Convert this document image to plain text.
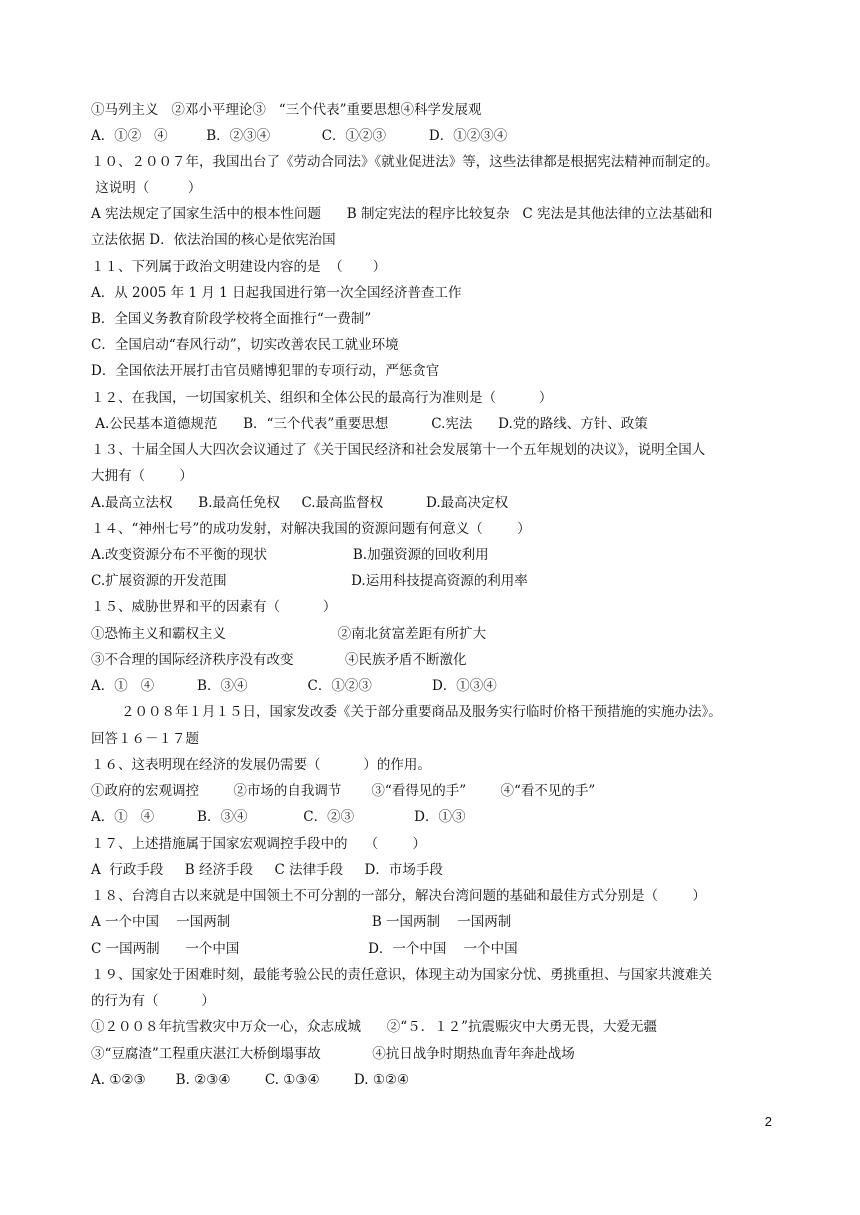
①马列主义   ②邓小平理论③   “三个代表”重要思想④科学发展观
A．①②   ④         B．②③④            C．①②③          D．①②③④
１０、２００７年，我国出台了《劳动合同法》《就业促进法》等，这些法律都是根据宪法精神而制定的。
这说明（         ）
A 宪法规定了国家生活中的根本性问题      B 制定宪法的程序比较复杂   C 宪法是其他法律的立法基础和
立法依据 D．依法治国的核心是依宪治国
１１、下列属于政治文明建设内容的是  （       ）
A．从 2005 年 1 月 1 日起我国进行第一次全国经济普查工作
B．全国义务教育阶段学校将全面推行“一费制”
C．全国启动“春风行动”，切实改善农民工就业环境
D．全国依法开展打击官员赌博犯罪的专项行动，严惩贪官
１２、在我国，一切国家机关、组织和全体公民的最高行为准则是（          ）
A.公民基本道德规范      B．“三个代表”重要思想          C.宪法      D.党的路线、方针、政策
１３、十届全国人大四次会议通过了《关于国民经济和社会发展第十一个五年规划的决议》，说明全国人
大拥有（        ）
A.最高立法权      B.最高任免权     C.最高监督权          D.最高决定权
１４、“神州七号”的成功发射，对解决我国的资源问题有何意义（        ）
A.改变资源分布不平衡的现状                    B.加强资源的回收利用
C.扩展资源的开发范围                             D.运用科技提高资源的利用率
１５、威胁世界和平的因素有（          ）
①恐怖主义和霸权主义                          ②南北贫富差距有所扩大
③不合理的国际经济秩序没有改变            ④民族矛盾不断激化
A．①   ④          B．③④              C．①②③              D．①③④
２００８年１月１５日，国家发改委《关于部分重要商品及服务实行临时价格干预措施的实施办法》。
回答１６－１７题
１６、这表明现在经济的发展仍需要（          ）的作用。
①政府的宏观调控        ②市场的自我调节       ③“看得见的手”        ④“看不见的手”
A．①   ④          B．③④             C．②③              D．①③
１７、上述措施属于国家宏观调控手段中的    （        ）
A  行政手段     B 经济手段     C 法律手段     D．市场手段
１８、台湾自古以来就是中国领土不可分割的一部分，解决台湾问题的基础和最佳方式分别是（        ）
A 一个中国    一国两制                                 B 一国两制    一国两制
C 一国两制      一个中国                              D．一个中国    一个中国
１９、国家处于困难时刻，最能考验公民的责任意识，体现主动为国家分忧、勇挑重担、与国家共渡难关
的行为有（          ）
①２００８年抗雪救灾中万众一心，众志成城      ②“５．１２”抗震赈灾中大勇无畏，大爱无疆
③“豆腐渣”工程重庆湛江大桥倒塌事故            ④抗日战争时期热血青年奔赴战场
A. ①②③       B. ②③④        C. ①③④        D. ①②④
2
